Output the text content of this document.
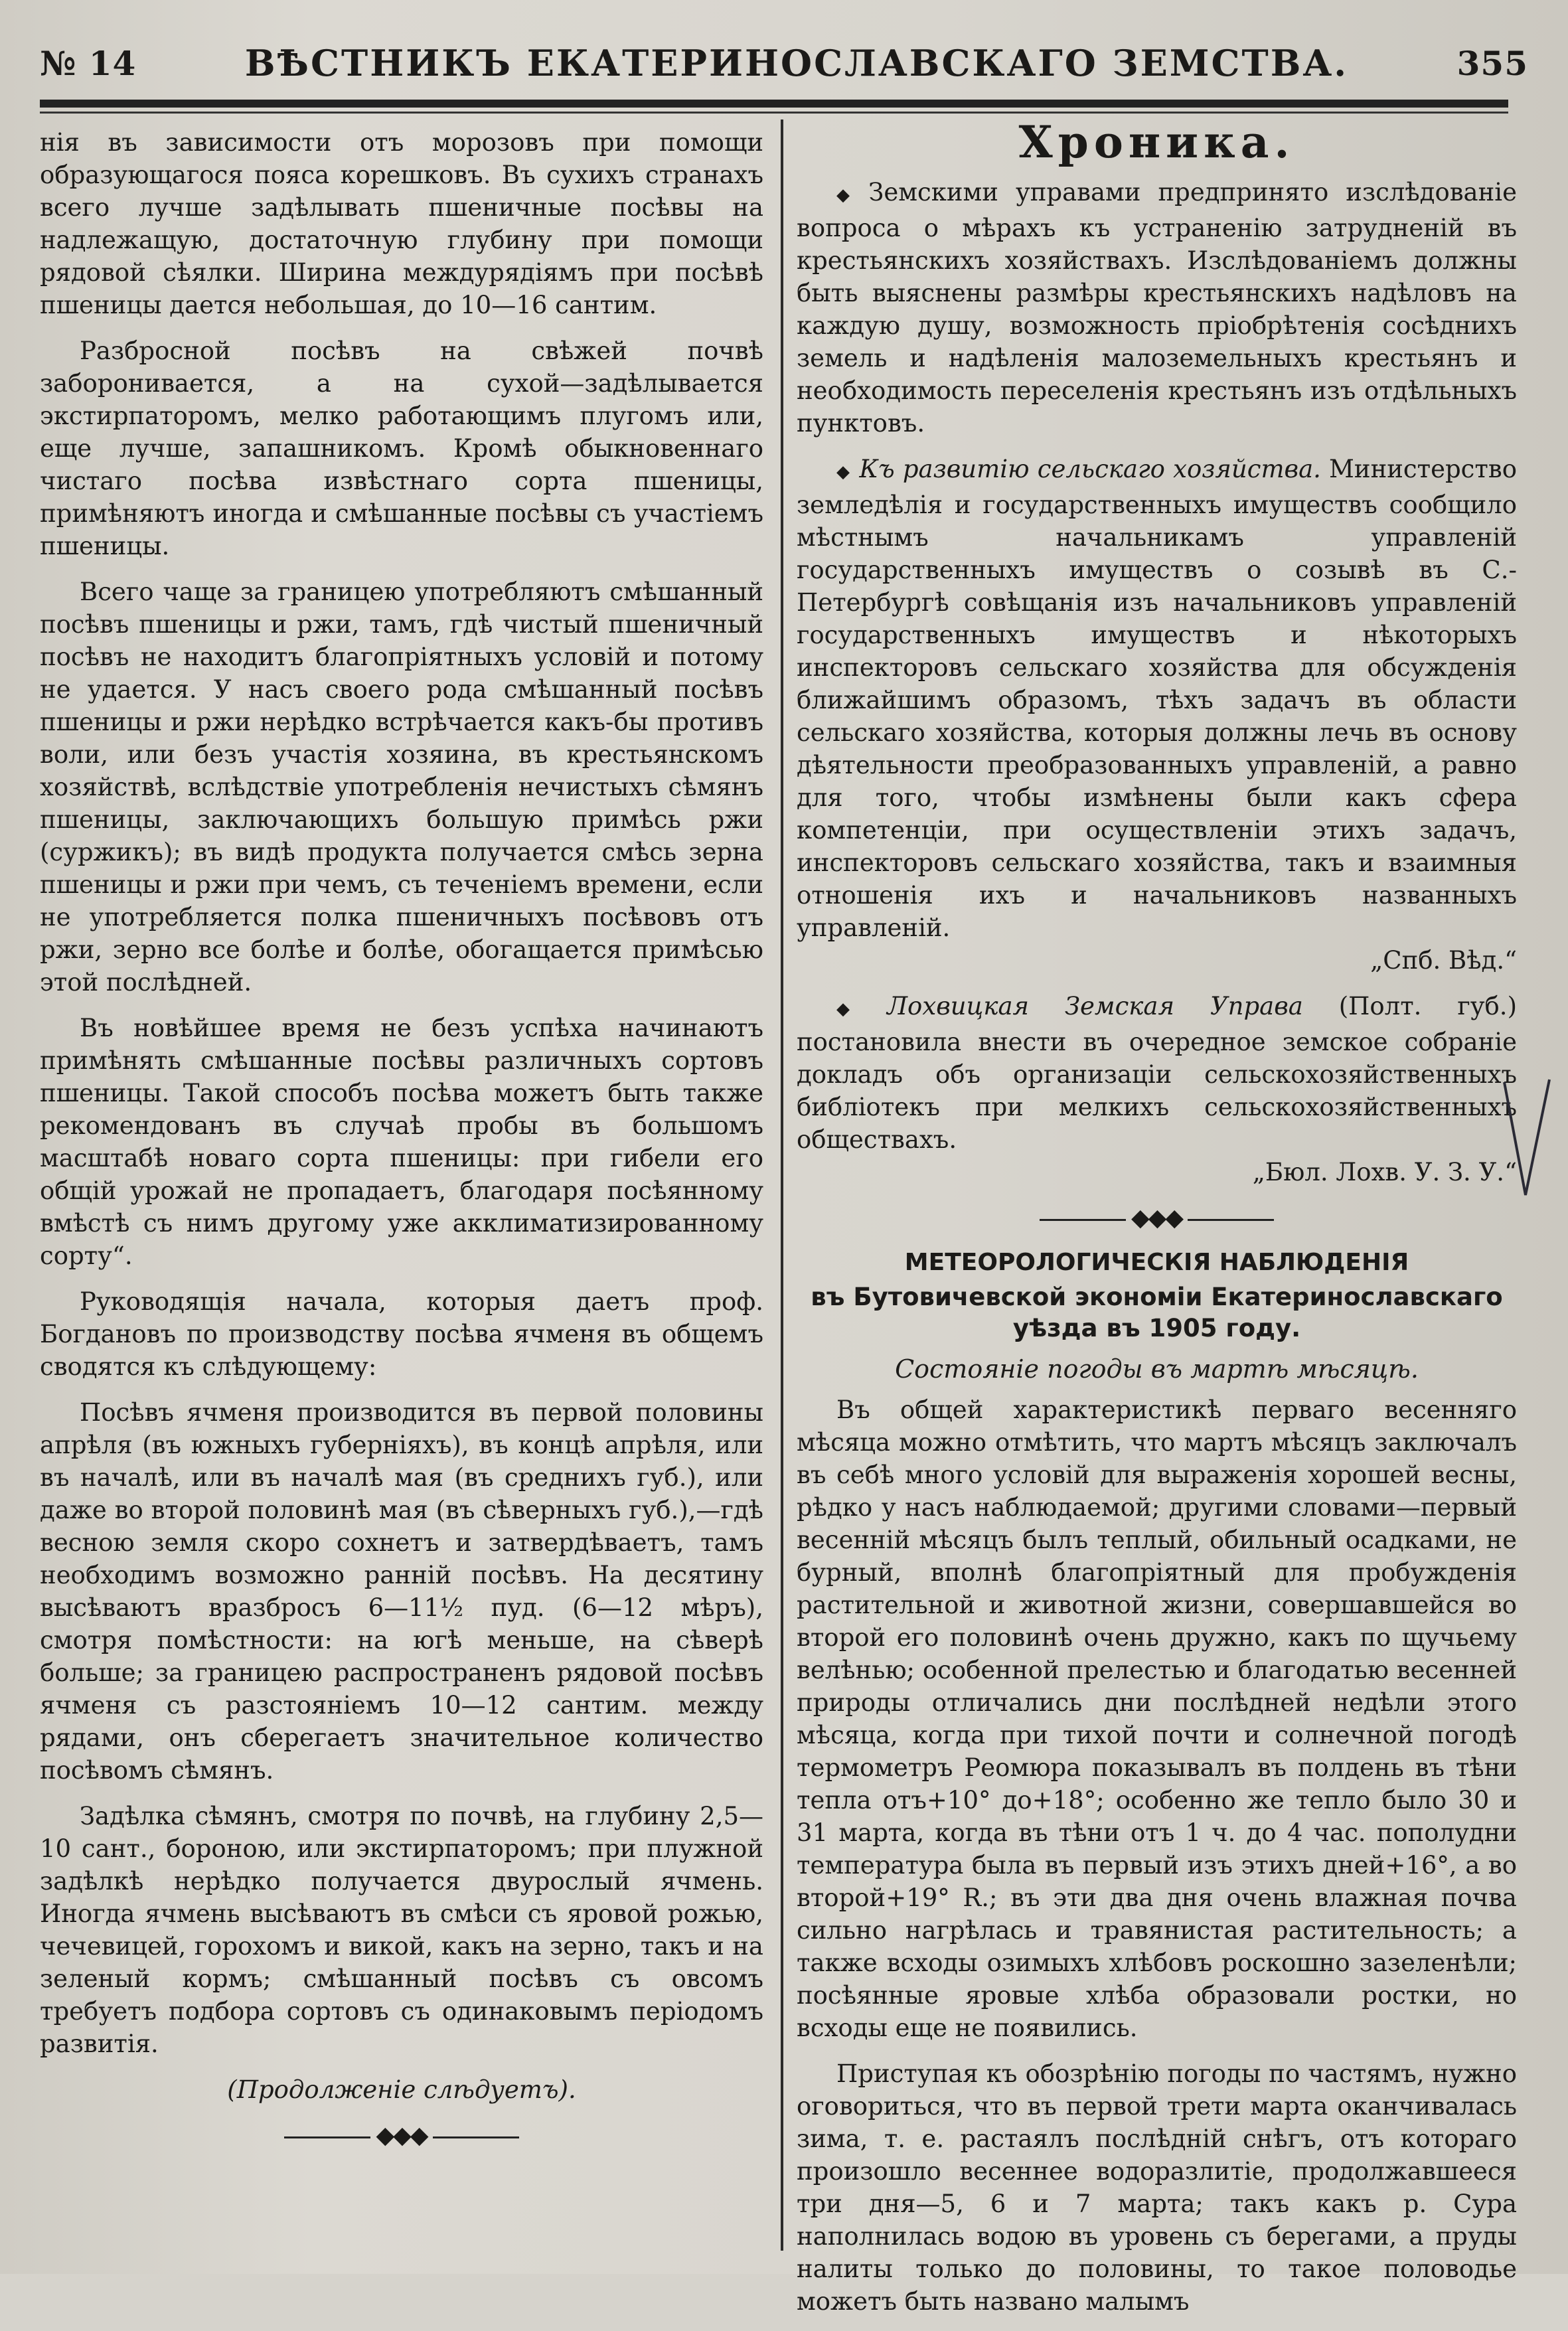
№ 14	ВѢСТНИКЪ ЕКАТЕРИНОСЛАВСКАГО ЗЕМСТВА.	355

нія въ зависимости отъ морозовъ при помощи образующагося пояса корешковъ. Въ сухихъ странахъ всего лучше задѣлывать пшеничные посѣвы на надлежащую, достаточную глубину при помощи рядовой сѣялки. Ширина междурядіямъ при посѣвѣ пшеницы дается небольшая, до 10—16 сантим.

Разбросной посѣвъ на свѣжей почвѣ заборонивается, а на сухой—задѣлывается экстирпаторомъ, мелко работающимъ плугомъ или, еще лучше, запашникомъ. Кромѣ обыкновеннаго чистаго посѣва извѣстнаго сорта пшеницы, примѣняютъ иногда и смѣшанные посѣвы съ участіемъ пшеницы.

Всего чаще за границею употребляютъ смѣшанный посѣвъ пшеницы и ржи, тамъ, гдѣ чистый пшеничный посѣвъ не находитъ благопріятныхъ условій и потому не удается. У насъ своего рода смѣшанный посѣвъ пшеницы и ржи нерѣдко встрѣчается какъ-бы противъ воли, или безъ участія хозяина, въ крестьянскомъ хозяйствѣ, вслѣдствіе употребленія нечистыхъ сѣмянъ пшеницы, заключающихъ большую примѣсь ржи (суржикъ); въ видѣ продукта получается смѣсь зерна пшеницы и ржи при чемъ, съ теченіемъ времени, если не употребляется полка пшеничныхъ посѣвовъ отъ ржи, зерно все болѣе и болѣе, обогащается примѣсью этой послѣдней.

Въ новѣйшее время не безъ успѣха начинаютъ примѣнять смѣшанные посѣвы различныхъ сортовъ пшеницы. Такой способъ посѣва можетъ быть также рекомендованъ въ случаѣ пробы въ большомъ масштабѣ новаго сорта пшеницы: при гибели его общій урожай не пропадаетъ, благодаря посѣянному вмѣстѣ съ нимъ другому уже акклиматизированному сорту“.

Руководящія начала, которыя даетъ проф. Богдановъ по производству посѣва ячменя въ общемъ сводятся къ слѣдующему:

Посѣвъ ячменя производится въ первой половины апрѣля (въ южныхъ губерніяхъ), въ концѣ апрѣля, или въ началѣ, или въ началѣ мая (въ среднихъ губ.), или даже во второй половинѣ мая (въ сѣверныхъ губ.),—гдѣ весною земля скоро сохнетъ и затвердѣваетъ, тамъ необходимъ возможно ранній посѣвъ. На десятину высѣваютъ вразбросъ 6—11½ пуд. (6—12 мѣръ), смотря помѣстности: на югѣ меньше, на сѣверѣ больше; за границею распространенъ рядовой посѣвъ ячменя съ разстояніемъ 10—12 сантим. между рядами, онъ сберегаетъ значительное количество посѣвомъ сѣмянъ.

Задѣлка сѣмянъ, смотря по почвѣ, на глубину 2,5—10 сант., бороною, или экстирпаторомъ; при плужной задѣлкѣ нерѣдко получается двурослый ячмень. Иногда ячмень высѣваютъ въ смѣси съ яровой рожью, чечевицей, горохомъ и викой, какъ на зерно, такъ и на зеленый кормъ; смѣшанный посѣвъ съ овсомъ требуетъ подбора сортовъ съ одинаковымъ періодомъ развитія.

(Продолженіе слѣдуетъ).

◆◆◆
Хроника.

◆ Земскими управами предпринято изслѣдованіе вопроса о мѣрахъ къ устраненію затрудненій въ крестьянскихъ хозяйствахъ. Изслѣдованіемъ должны быть выяснены размѣры крестьянскихъ надѣловъ на каждую душу, возможность пріобрѣтенія сосѣднихъ земель и надѣленія малоземельныхъ крестьянъ и необходимость переселенія крестьянъ изъ отдѣльныхъ пунктовъ.

◆ Къ развитію сельскаго хозяйства. Министерство земледѣлія и государственныхъ имуществъ сообщило мѣстнымъ начальникамъ управленій государственныхъ имуществъ о созывѣ въ С.-Петербургѣ совѣщанія изъ начальниковъ управленій государственныхъ имуществъ и нѣкоторыхъ инспекторовъ сельскаго хозяйства для обсужденія ближайшимъ образомъ, тѣхъ задачъ въ области сельскаго хозяйства, которыя должны лечь въ основу дѣятельности преобразованныхъ управленій, а равно для того, чтобы измѣнены были какъ сфера компетенціи, при осуществленіи этихъ задачъ, инспекторовъ сельскаго хозяйства, такъ и взаимныя отношенія ихъ и начальниковъ названныхъ управленій.
„Спб. Вѣд.“

◆ Лохвицкая Земская Управа (Полт. губ.) постановила внести въ очередное земское собраніе докладъ объ организаціи сельскохозяйственныхъ библіотекъ при мелкихъ сельскохозяйственныхъ обществахъ.
„Бюл. Лохв. У. З. У.“

◆◆◆
МЕТЕОРОЛОГИЧЕСКІЯ НАБЛЮДЕНІЯ
въ Бутовичевской экономіи Екатеринославскаго уѣзда въ 1905 году.
Состояніе погоды въ мартѣ мѣсяцѣ.

Въ общей характеристикѣ перваго весенняго мѣсяца можно отмѣтить, что мартъ мѣсяцъ заключалъ въ себѣ много условій для выраженія хорошей весны, рѣдко у насъ наблюдаемой; другими словами—первый весенній мѣсяцъ былъ теплый, обильный осадками, не бурный, вполнѣ благопріятный для пробужденія растительной и животной жизни, совершавшейся во второй его половинѣ очень дружно, какъ по щучьему велѣнью; особенной прелестью и благодатью весенней природы отличались дни послѣдней недѣли этого мѣсяца, когда при тихой почти и солнечной погодѣ термометръ Реомюра показывалъ въ полдень въ тѣни тепла отъ+10° до+18°; особенно же тепло было 30 и 31 марта, когда въ тѣни отъ 1 ч. до 4 час. пополудни температура была въ первый изъ этихъ дней+16°, а во второй+19° R.; въ эти два дня очень влажная почва сильно нагрѣлась и травянистая растительность; а также всходы озимыхъ хлѣбовъ роскошно зазеленѣли; посѣянные яровые хлѣба образовали ростки, но всходы еще не появились.

Приступая къ обозрѣнію погоды по частямъ, нужно оговориться, что въ первой трети марта оканчивалась зима, т. е. растаялъ послѣдній снѣгъ, отъ котораго произошло весеннее водоразлитіе, продолжавшееся три дня—5, 6 и 7 марта; такъ какъ р. Сура наполнилась водою въ уровень съ берегами, а пруды налиты только до половины, то такое половодье можетъ быть названо малымъ
